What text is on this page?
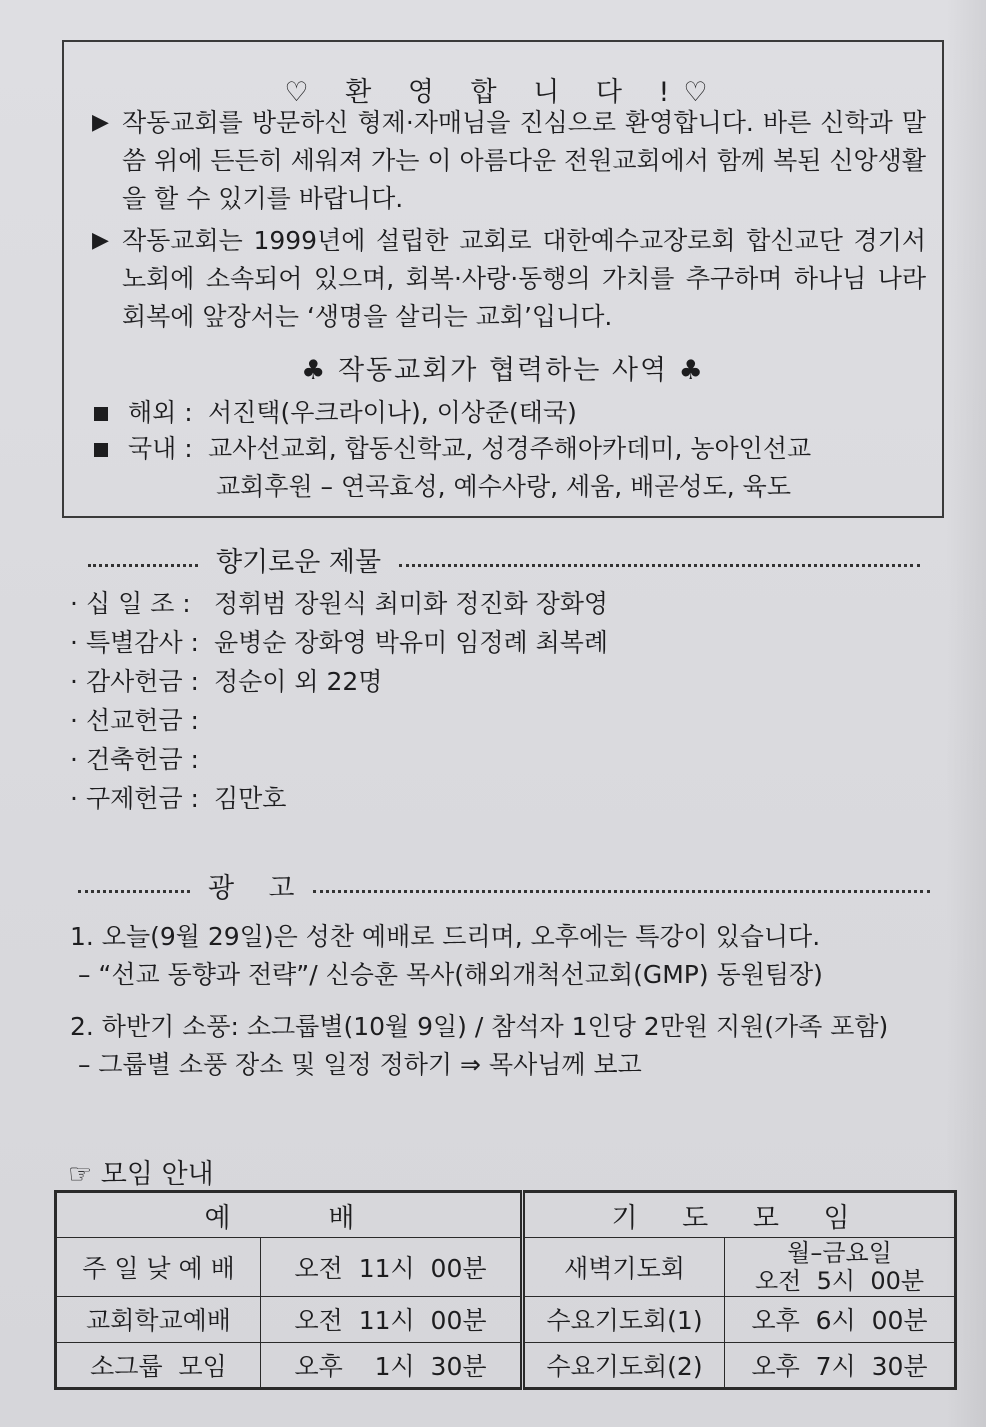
♡ 환 영 합 니 다 !♡
▶ 작동교회를 방문하신 형제·자매님을 진심으로 환영합니다. 바른 신학과 말씀 위에 든든히 세워져 가는 이 아름다운 전원교회에서 함께 복된 신앙생활을 할 수 있기를 바랍니다.
▶ 작동교회는 1999년에 설립한 교회로 대한예수교장로회 합신교단 경기서노회에 소속되어 있으며, 회복·사랑·동행의 가치를 추구하며 하나님 나라 회복에 앞장서는 ‘생명을 살리는 교회’입니다.
♣ 작동교회가 협력하는 사역 ♣
해외 : 서진택(우크라이나), 이상준(태국)
국내 : 교사선교회, 합동신학교, 성경주해아카데미, 농아인선교
교회후원 – 연곡효성, 예수사랑, 세움, 배곧성도, 육도
향기로운 제물
· 십 일 조 : 정휘범 장원식 최미화 정진화 장화영
· 특별감사 : 윤병순 장화영 박유미 임정례 최복례
· 감사헌금 : 정순이 외 22명
· 선교헌금 :
· 건축헌금 :
· 구제헌금 : 김만호
광    고
1. 오늘(9월 29일)은 성찬 예배로 드리며, 오후에는 특강이 있습니다.
– “선교 동향과 전략”/ 신승훈 목사(해외개척선교회(GMP) 동원팀장)
2. 하반기 소풍: 소그룹별(10월 9일) / 참석자 1인당 2만원 지원(가족 포함)
– 그룹별 소풍 장소 및 일정 정하기 ⇒ 목사님께 보고
☞ 모임 안내
예   배		기 도 모 임	
주 일 낮 예 배	오전  11시  00분	새벽기도회	월–금요일
오전  5시  00분

교회학교예배	오전  11시  00분	수요기도회(1)	오후  6시  00분
소그룹  모임	오후    1시  30분	수요기도회(2)	오후  7시  30분
